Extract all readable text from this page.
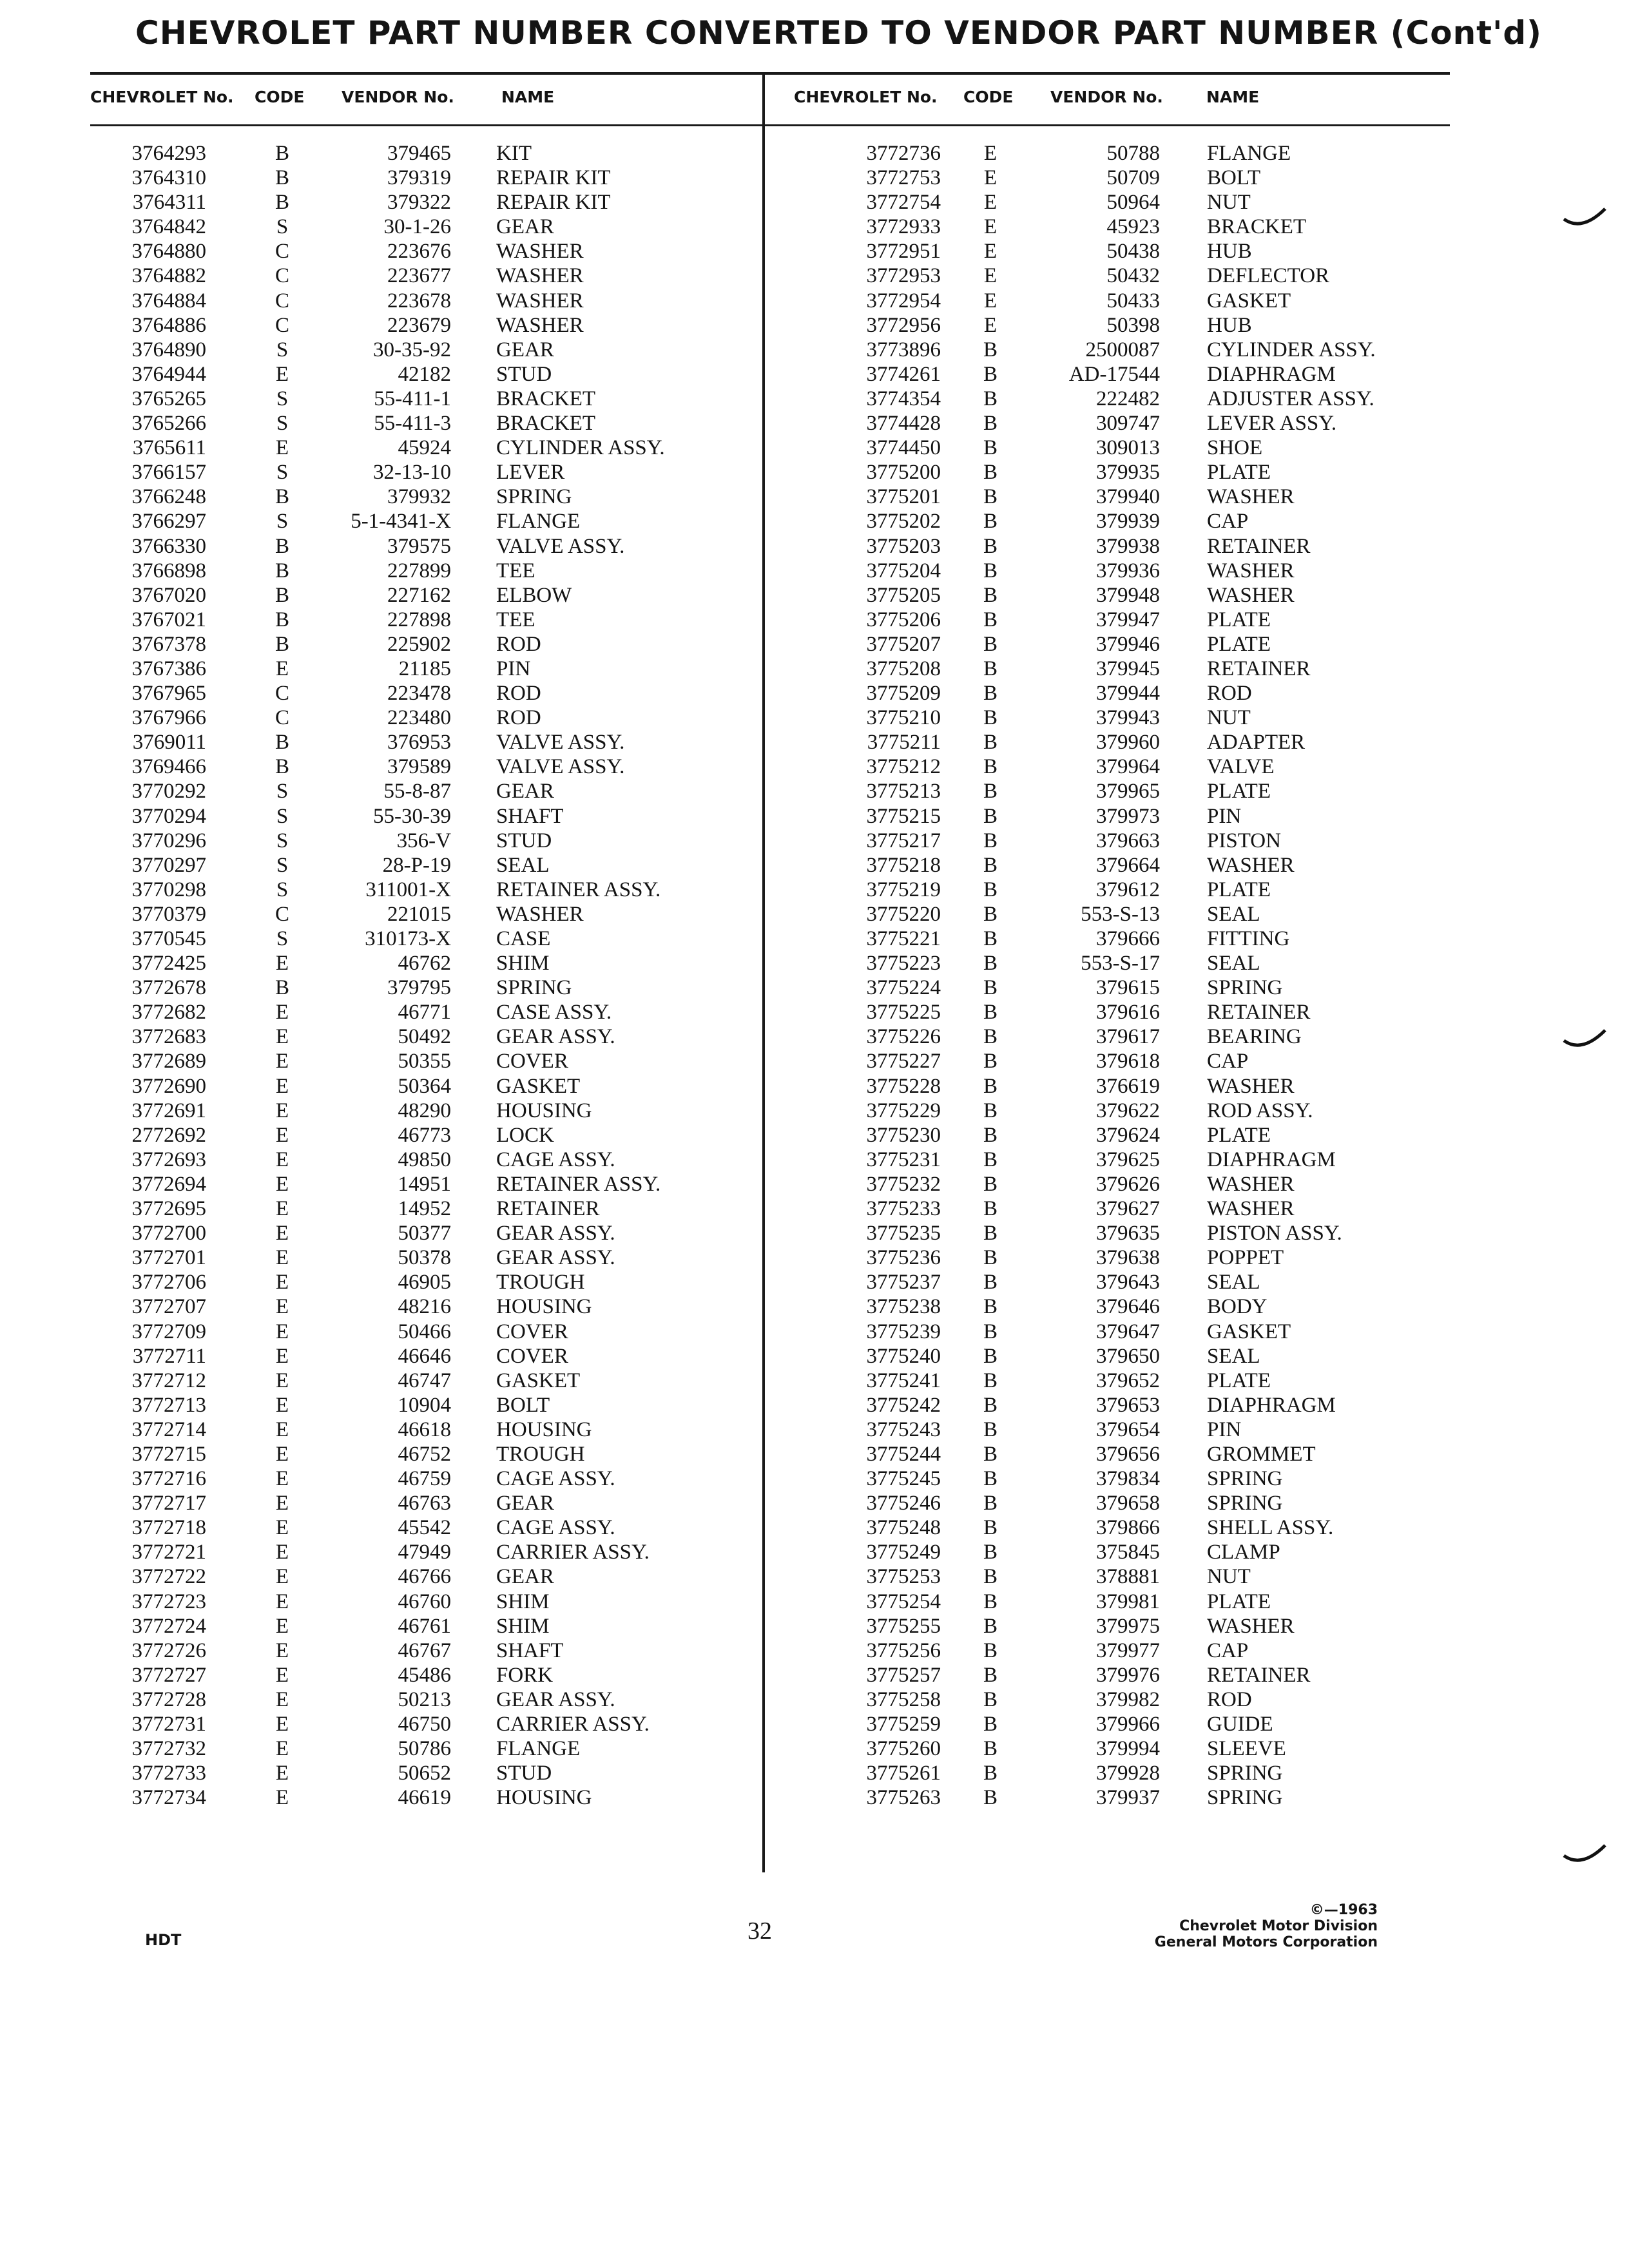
CHEVROLET PART NUMBER CONVERTED TO VENDOR PART NUMBER (Cont'd)
CHEVROLET No. CODE VENDOR No.	NAME	CHEVROLET No. CODE VENDOR No.	NAME
3764293	B	379465 KIT
3764310	B	379319 REPAIR KIT
3764311	B	379322 REPAIR KIT
3764842	S	30-1-26 GEAR
3764880	C	223676 WASHER
3764882	C	223677 WASHER
3764884	C	223678 WASHER
3764886	C	223679 WASHER
3764890	S	30-35-92 GEAR
3764944	E	42182 STUD
3765265	S	55-411-1 BRACKET
3765266	S	55-411-3 BRACKET
3765611	E	45924 CYLINDER ASSY.
3766157	S	32-13-10 LEVER
3766248	B	379932 SPRING
3766297	S	5-1-4341-X FLANGE
3766330	B	379575 VALVE ASSY.
3766898	B	227899 TEE
3767020	B	227162 ELBOW
3767021	B	227898 TEE
3767378	B	225902 ROD
3767386	E	21185 PIN
3767965	C	223478 ROD
3767966	C	223480 ROD
3769011	B	376953 VALVE ASSY.
3769466	B	379589 VALVE ASSY.
3770292	S	55-8-87 GEAR
3770294	S	55-30-39 SHAFT
3770296	S	356-V STUD
3770297	S	28-P-19 SEAL
3770298	S	311001-X RETAINER ASSY.
3770379	C	221015 WASHER
3770545	S	310173-X CASE
3772425	E	46762 SHIM
3772678	B	379795 SPRING
3772682	E	46771 CASE ASSY.
3772683	E	50492 GEAR ASSY.
3772689	E	50355 COVER
3772690	E	50364 GASKET
3772691	E	48290 HOUSING
2772692	E	46773 LOCK
3772693	E	49850 CAGE ASSY.
3772694	E	14951 RETAINER ASSY.
3772695	E	14952 RETAINER
3772700	E	50377 GEAR ASSY.
3772701	E	50378 GEAR ASSY.
3772706	E	46905 TROUGH
3772707	E	48216 HOUSING
3772709	E	50466 COVER
3772711	E	46646 COVER
3772712	E	46747 GASKET
3772713	E	10904 BOLT
3772714	E	46618 HOUSING
3772715	E	46752 TROUGH
3772716	E	46759 CAGE ASSY.
3772717	E	46763 GEAR
3772718	E	45542 CAGE ASSY.
3772721	E	47949 CARRIER ASSY.
3772722	E	46766 GEAR
3772723	E	46760 SHIM
3772724	E	46761 SHIM
3772726	E	46767 SHAFT
3772727	E	45486 FORK
3772728	E	50213 GEAR ASSY.
3772731	E	46750 CARRIER ASSY.
3772732	E	50786 FLANGE
3772733	E	50652 STUD
3772734	E	46619 HOUSING
3772736	E	50788 FLANGE
3772753	E	50709 BOLT
3772754	E	50964 NUT
3772933	E	45923 BRACKET
3772951	E	50438 HUB
3772953	E	50432 DEFLECTOR
3772954	E	50433 GASKET
3772956	E	50398 HUB
3773896 B	2500087 CYLINDER ASSY.
3774261 B	AD-17544 DIAPHRAGM
3774354 B	222482 ADJUSTER ASSY.
3774428 B	309747 LEVER ASSY.
3774450 B	309013 SHOE
3775200 B	379935 PLATE
3775201 B	379940 WASHER
3775202 B	379939 CAP
3775203 B	379938 RETAINER
3775204 B	379936 WASHER
3775205 B	379948 WASHER
3775206 B	379947 PLATE
3775207 B	379946 PLATE
3775208 B	379945 RETAINER
3775209 B	379944 ROD
3775210 B	379943 NUT
3775211 B	379960 ADAPTER
3775212 B	379964 VALVE
3775213 B	379965 PLATE
3775215 B	379973 PIN
3775217 B	379663 PISTON
3775218 B	379664 WASHER
3775219 B	379612 PLATE
3775220 B	553-S-13 SEAL
3775221 B	379666 FITTING
3775223 B	553-S-17 SEAL
3775224 B	379615 SPRING
3775225 B	379616 RETAINER
3775226 B	379617 BEARING
3775227 B	379618 CAP
3775228 B	376619 WASHER
3775229 B	379622 ROD ASSY.
3775230 B	379624 PLATE
3775231 B	379625 DIAPHRAGM
3775232 B	379626 WASHER
3775233 B	379627 WASHER
3775235 B	379635 PISTON ASSY.
3775236 B	379638 POPPET
3775237 B	379643 SEAL
3775238 B	379646 BODY
3775239 B	379647 GASKET
3775240 B	379650 SEAL
3775241 B	379652 PLATE
3775242 B	379653 DIAPHRAGM
3775243 B	379654 PIN
3775244 B	379656 GROMMET
3775245 B	379834 SPRING
3775246 B	379658 SPRING
3775248 B	379866 SHELL ASSY.
3775249 B	375845 CLAMP
3775253 B	378881 NUT
3775254 B	379981 PLATE
3775255 B	379975 WASHER
3775256 B	379977 CAP
3775257 B	379976 RETAINER
3775258 B	379982 ROD
3775259 B	379966 GUIDE
3775260 B	379994 SLEEVE
3775261 B	379928 SPRING
3775263 B	379937 SPRING
HDT	32
©—1963
Chevrolet Motor Division
General Motors Corporation
